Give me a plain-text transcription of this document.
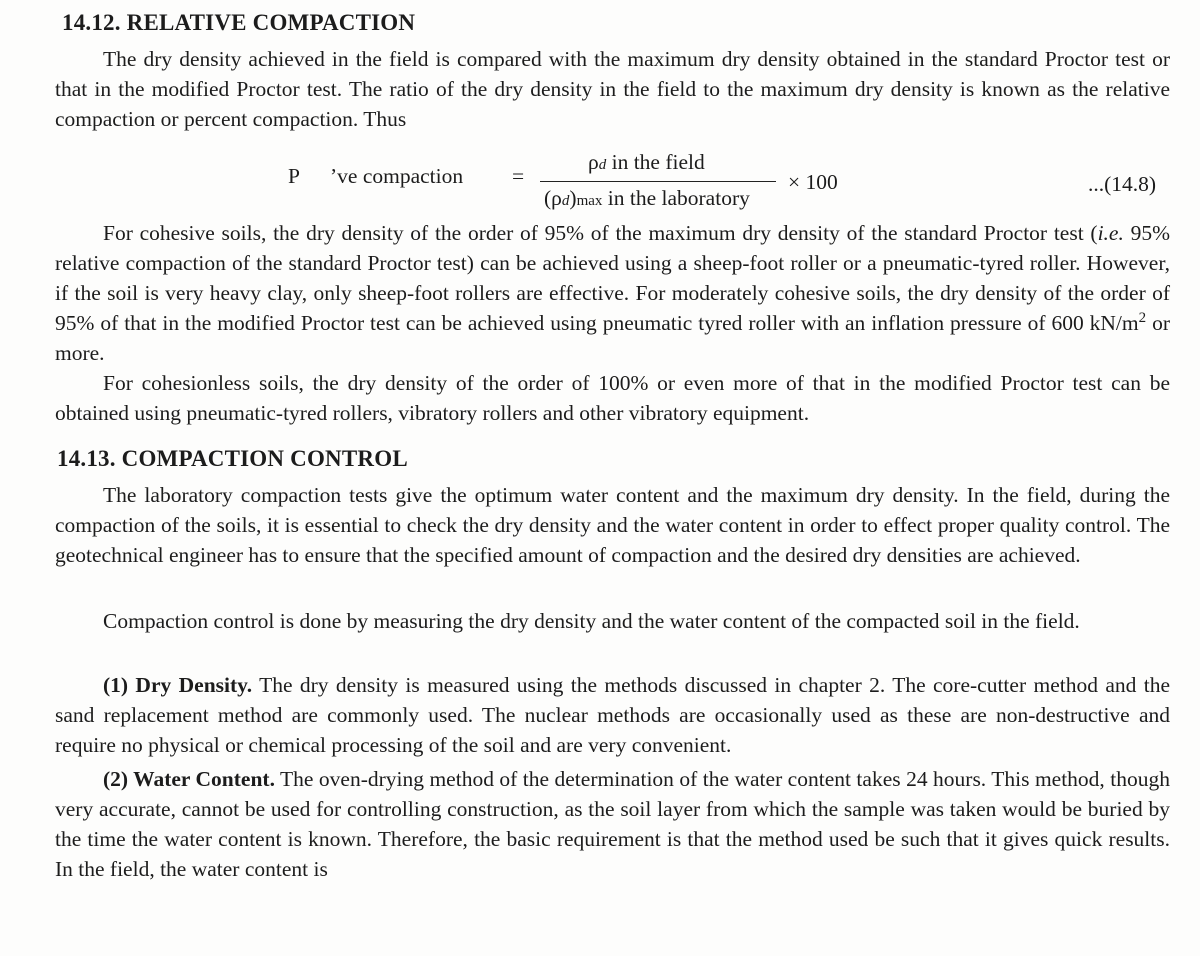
14.12. RELATIVE COMPACTION

The dry density achieved in the field is compared with the maximum dry density obtained in the standard Proctor test or that in the modified Proctor test. The ratio of the dry density in the field to the maximum dry density is known as the relative compaction or percent compaction. Thus

P ’ve compaction =
ρd in the field
(ρd)max in the laboratory
× 100	...(14.8)

For cohesive soils, the dry density of the order of 95% of the maximum dry density of the standard Proctor test (i.e. 95% relative compaction of the standard Proctor test) can be achieved using a sheep-foot roller or a pneumatic-tyred roller. However, if the soil is very heavy clay, only sheep-foot rollers are effective. For moderately cohesive soils, the dry density of the order of 95% of that in the modified Proctor test can be achieved using pneumatic tyred roller with an inflation pressure of 600 $kN/m^2$ or more.

For cohesionless soils, the dry density of the order of 100% or even more of that in the modified Proctor test can be obtained using pneumatic-tyred rollers, vibratory rollers and other vibratory equipment.

14.13. COMPACTION CONTROL

The laboratory compaction tests give the optimum water content and the maximum dry density. In the field, during the compaction of the soils, it is essential to check the dry density and the water content in order to effect proper quality control. The geotechnical engineer has to ensure that the specified amount of compaction and the desired dry densities are achieved.

Compaction control is done by measuring the dry density and the water content of the compacted soil in the field.

(1) Dry Density. The dry density is measured using the methods discussed in chapter 2. The core-cutter method and the sand replacement method are commonly used. The nuclear methods are occasionally used as these are non-destructive and require no physical or chemical processing of the soil and are very convenient.

(2) Water Content. The oven-drying method of the determination of the water content takes 24 hours. This method, though very accurate, cannot be used for controlling construction, as the soil layer from which the sample was taken would be buried by the time the water content is known. Therefore, the basic requirement is that the method used be such that it gives quick results. In the field, the water content is
